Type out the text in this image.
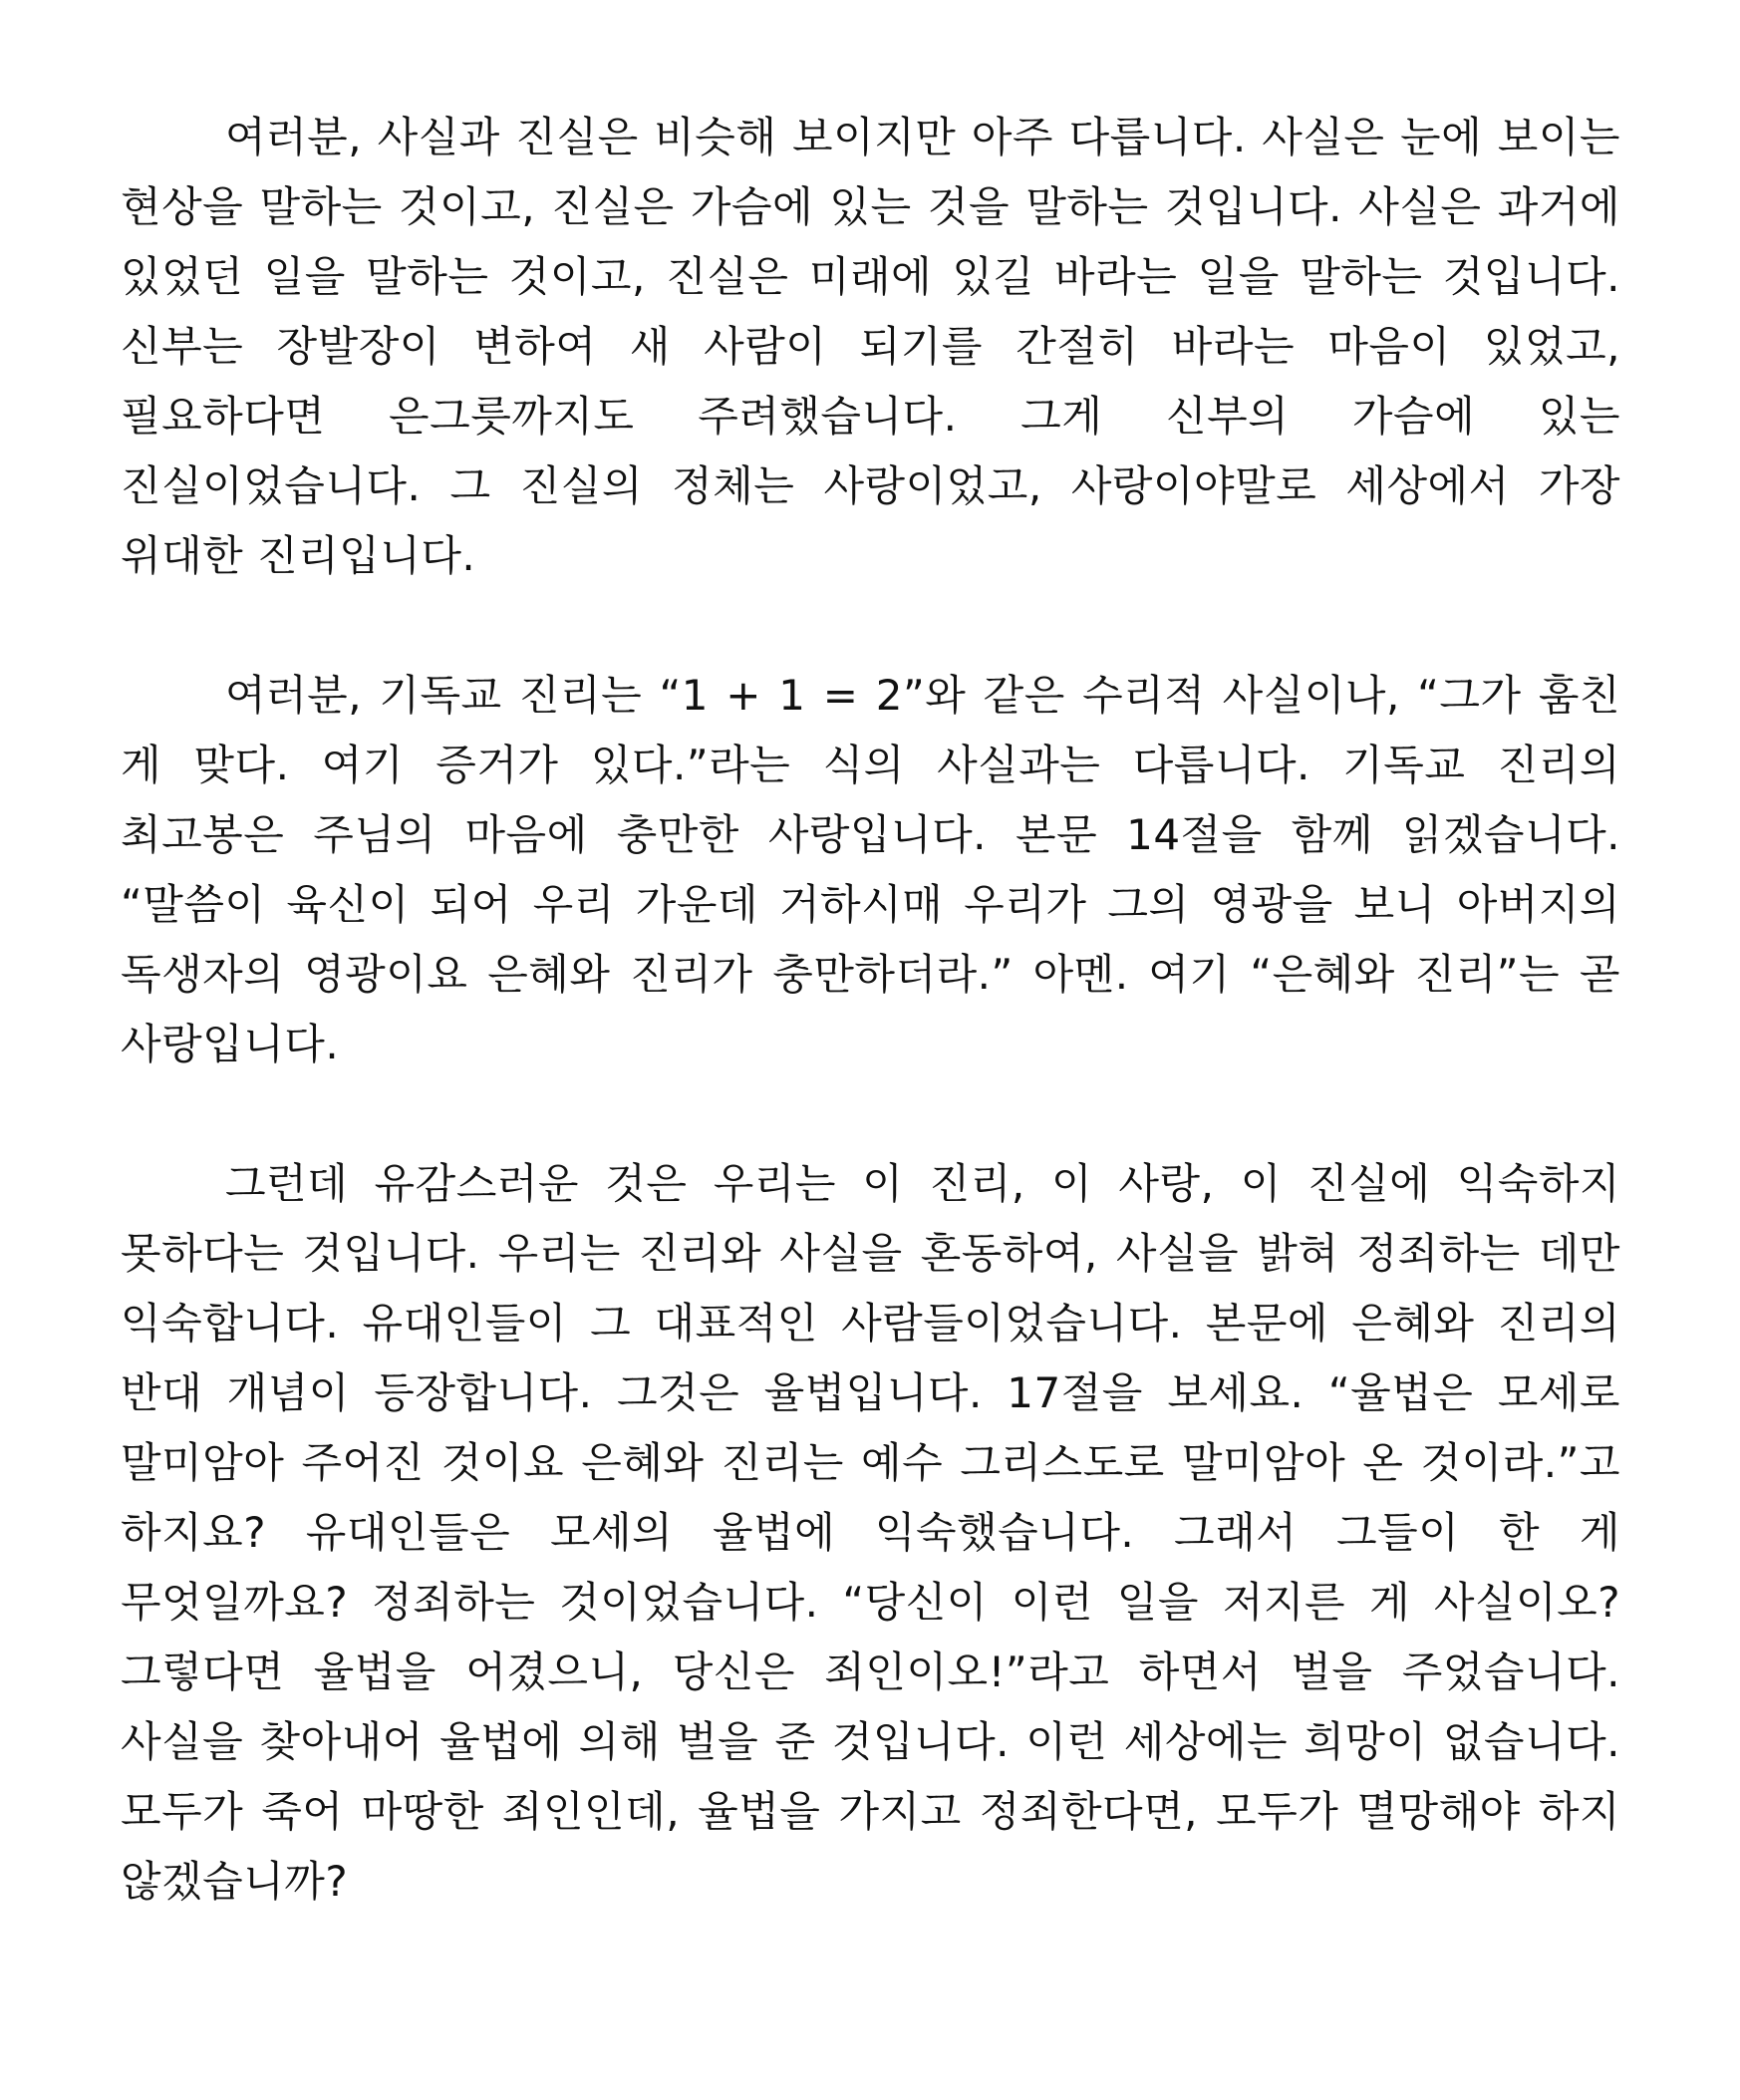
여러분, 사실과 진실은 비슷해 보이지만 아주 다릅니다. 사실은 눈에 보이는 현상을 말하는 것이고, 진실은 가슴에 있는 것을 말하는 것입니다. 사실은 과거에 있었던 일을 말하는 것이고, 진실은 미래에 있길 바라는 일을 말하는 것입니다. 신부는 장발장이 변하여 새 사람이 되기를 간절히 바라는 마음이 있었고, 필요하다면 은그릇까지도 주려했습니다. 그게 신부의 가슴에 있는 진실이었습니다. 그 진실의 정체는 사랑이었고, 사랑이야말로 세상에서 가장 위대한 진리입니다.

여러분, 기독교 진리는 “1 + 1 = 2”와 같은 수리적 사실이나, “그가 훔친 게 맞다. 여기 증거가 있다.”라는 식의 사실과는 다릅니다. 기독교 진리의 최고봉은 주님의 마음에 충만한 사랑입니다. 본문 14절을 함께 읽겠습니다. “말씀이 육신이 되어 우리 가운데 거하시매 우리가 그의 영광을 보니 아버지의 독생자의 영광이요 은혜와 진리가 충만하더라.” 아멘. 여기 “은혜와 진리”는 곧 사랑입니다.

그런데 유감스러운 것은 우리는 이 진리, 이 사랑, 이 진실에 익숙하지 못하다는 것입니다. 우리는 진리와 사실을 혼동하여, 사실을 밝혀 정죄하는 데만 익숙합니다. 유대인들이 그 대표적인 사람들이었습니다. 본문에 은혜와 진리의 반대 개념이 등장합니다. 그것은 율법입니다. 17절을 보세요. “율법은 모세로 말미암아 주어진 것이요 은혜와 진리는 예수 그리스도로 말미암아 온 것이라.”고 하지요? 유대인들은 모세의 율법에 익숙했습니다. 그래서 그들이 한 게 무엇일까요? 정죄하는 것이었습니다. “당신이 이런 일을 저지른 게 사실이오? 그렇다면 율법을 어겼으니, 당신은 죄인이오!”라고 하면서 벌을 주었습니다. 사실을 찾아내어 율법에 의해 벌을 준 것입니다. 이런 세상에는 희망이 없습니다. 모두가 죽어 마땅한 죄인인데, 율법을 가지고 정죄한다면, 모두가 멸망해야 하지 않겠습니까?
